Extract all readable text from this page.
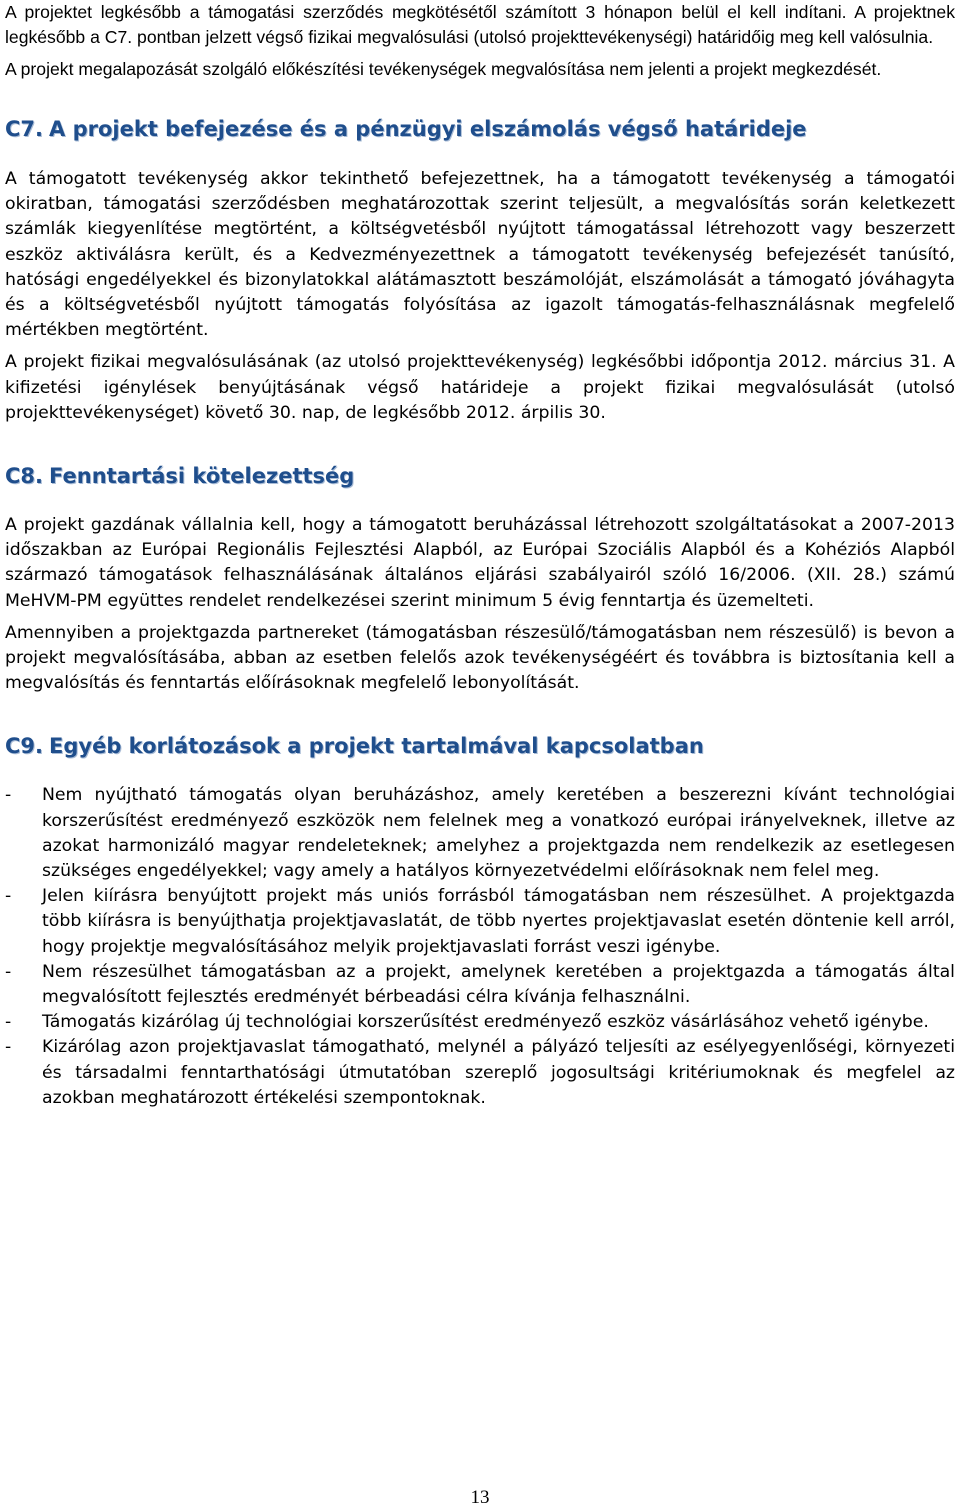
A projektet legkésőbb a támogatási szerződés megkötésétől számított 3 hónapon belül el kell indítani. A projektnek legkésőbb a C7. pontban jelzett végső fizikai megvalósulási (utolsó projekttevékenységi) határidőig meg kell valósulnia.

A projekt megalapozását szolgáló előkészítési tevékenységek megvalósítása nem jelenti a projekt megkezdését.

C7. A projekt befejezése és a pénzügyi elszámolás végső határideje

A támogatott tevékenység akkor tekinthető befejezettnek, ha a támogatott tevékenység a támogatói okiratban, támogatási szerződésben meghatározottak szerint teljesült, a megvalósítás során keletkezett számlák kiegyenlítése megtörtént, a költségvetésből nyújtott támogatással létrehozott vagy beszerzett eszköz aktiválásra került, és a Kedvezményezettnek a támogatott tevékenység befejezését tanúsító, hatósági engedélyekkel és bizonylatokkal alátámasztott beszámolóját, elszámolását a támogató jóváhagyta és a költségvetésből nyújtott támogatás folyósítása az igazolt támogatás-felhasználásnak megfelelő mértékben megtörtént.

A projekt fizikai megvalósulásának (az utolsó projekttevékenység) legkésőbbi időpontja 2012. március 31. A kifizetési igénylések benyújtásának végső határideje a projekt fizikai megvalósulását (utolsó projekttevékenységet) követő 30. nap, de legkésőbb 2012. árpilis 30.

C8. Fenntartási kötelezettség

A projekt gazdának vállalnia kell, hogy a támogatott beruházással létrehozott szolgáltatásokat a 2007-2013 időszakban az Európai Regionális Fejlesztési Alapból, az Európai Szociális Alapból és a Kohéziós Alapból származó támogatások felhasználásának általános eljárási szabályairól szóló 16/2006. (XII. 28.) számú MeHVM-PM együttes rendelet rendelkezései szerint minimum 5 évig fenntartja és üzemelteti.

Amennyiben a projektgazda partnereket (támogatásban részesülő/támogatásban nem részesülő) is bevon a projekt megvalósításába, abban az esetben felelős azok tevékenységéért és továbbra is biztosítania kell a megvalósítás és fenntartás előírásoknak megfelelő lebonyolítását.

C9. Egyéb korlátozások a projekt tartalmával kapcsolatban
- Nem nyújtható támogatás olyan beruházáshoz, amely keretében a beszerezni kívánt technológiai korszerűsítést eredményező eszközök nem felelnek meg a vonatkozó európai irányelveknek, illetve az azokat harmonizáló magyar rendeleteknek; amelyhez a projektgazda nem rendelkezik az esetlegesen szükséges engedélyekkel; vagy amely a hatályos környezetvédelmi előírásoknak nem felel meg.

- Jelen kiírásra benyújtott projekt más uniós forrásból támogatásban nem részesülhet. A projektgazda több kiírásra is benyújthatja projektjavaslatát, de több nyertes projektjavaslat esetén döntenie kell arról, hogy projektje megvalósításához melyik projektjavaslati forrást veszi igénybe.

- Nem részesülhet támogatásban az a projekt, amelynek keretében a projektgazda a támogatás által megvalósított fejlesztés eredményét bérbeadási célra kívánja felhasználni.

- Támogatás kizárólag új technológiai korszerűsítést eredményező eszköz vásárlásához vehető igénybe.

- Kizárólag azon projektjavaslat támogatható, melynél a pályázó teljesíti az esélyegyenlőségi, környezeti és társadalmi fenntarthatósági útmutatóban szereplő jogosultsági kritériumoknak és megfelel az azokban meghatározott értékelési szempontoknak.

13
